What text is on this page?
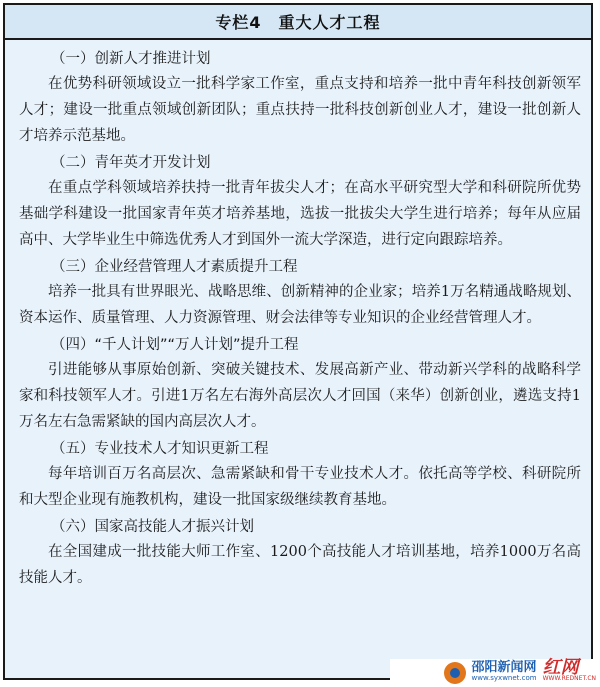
专栏4　重大人才工程
（一）创新人才推进计划

在优势科研领域设立一批科学家工作室，重点支持和培养一批中青年科技创新领军人才；建设一批重点领域创新团队；重点扶持一批科技创新创业人才，建设一批创新人才培养示范基地。

（二）青年英才开发计划

在重点学科领域培养扶持一批青年拔尖人才；在高水平研究型大学和科研院所优势基础学科建设一批国家青年英才培养基地，选拔一批拔尖大学生进行培养；每年从应届高中、大学毕业生中筛选优秀人才到国外一流大学深造，进行定向跟踪培养。

（三）企业经营管理人才素质提升工程

培养一批具有世界眼光、战略思维、创新精神的企业家；培养1万名精通战略规划、资本运作、质量管理、人力资源管理、财会法律等专业知识的企业经营管理人才。

（四）“千人计划”“万人计划”提升工程

引进能够从事原始创新、突破关键技术、发展高新产业、带动新兴学科的战略科学家和科技领军人才。引进1万名左右海外高层次人才回国（来华）创新创业，遴选支持1万名左右急需紧缺的国内高层次人才。

（五）专业技术人才知识更新工程

每年培训百万名高层次、急需紧缺和骨干专业技术人才。依托高等学校、科研院所和大型企业现有施教机构，建设一批国家级继续教育基地。

（六）国家高技能人才振兴计划

在全国建成一批技能大师工作室、1200个高技能人才培训基地，培养1000万名高技能人才。

邵阳新闻网
www.syxwnet.com 红网
WWW.REDNET.CN
